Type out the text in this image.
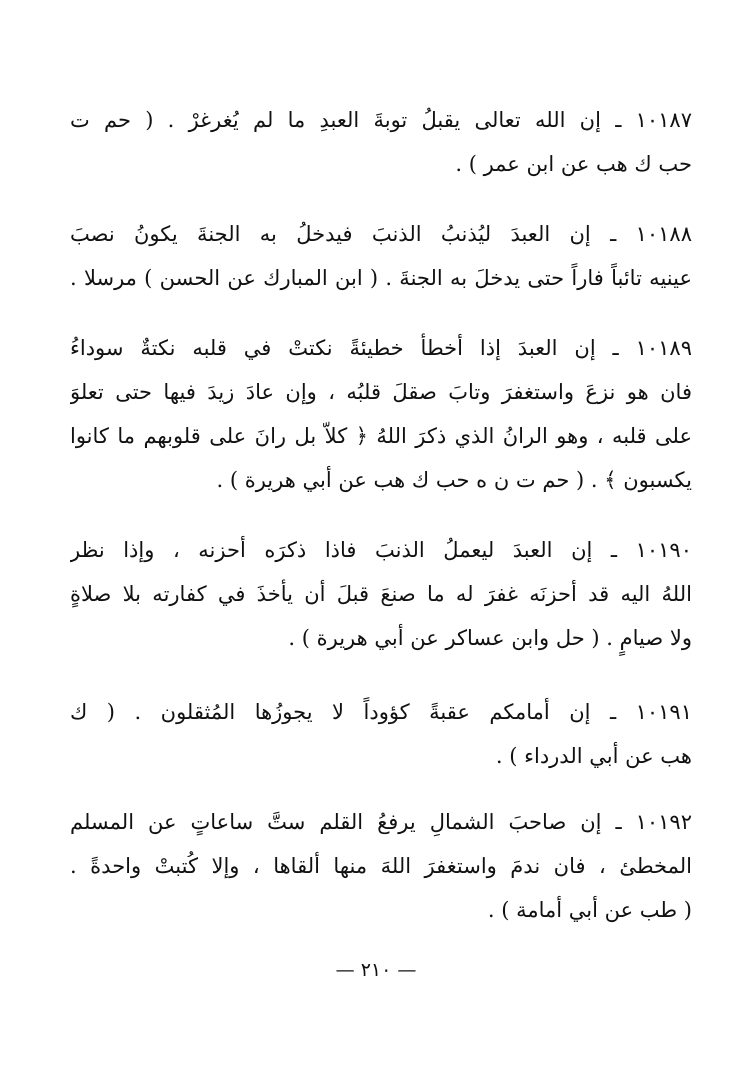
١٠١٨٧ ـ إن الله تعالى يقبلُ توبةَ العبدِ ما لم يُغرغرْ . ( حم ت
حب ك هب عن ابن عمر ) .
١٠١٨٨ ـ إن العبدَ ليُذنبُ الذنبَ فيدخلُ به الجنةَ يكونُ نصبَ
عينيه تائباً فاراً حتى يدخلَ به الجنةَ . ( ابن المبارك عن الحسن ) مرسلا .
١٠١٨٩ ـ إن العبدَ إذا أخطأ خطيئةً نكتتْ في قلبه نكتةٌ سوداءُ
فان هو نزعَ واستغفرَ وتابَ صقلَ قلبُه ، وإن عادَ زيدَ فيها حتى تعلوَ
على قلبه ، وهو الرانُ الذي ذكرَ اللهُ ﴿ كلاّ بل رانَ على قلوبهم ما كانوا
يكسبون ﴾ . ( حم ت ن ه حب ك هب عن أبي هريرة ) .
١٠١٩٠ ـ إن العبدَ ليعملُ الذنبَ فاذا ذكرَه أحزنه ، وإذا نظر
اللهُ اليه قد أحزنَه غفرَ له ما صنعَ قبلَ أن يأخذَ في كفارته بلا صلاةٍ
ولا صيامٍ . ( حل وابن عساكر عن أبي هريرة ) .
١٠١٩١ ـ إن أمامكم عقبةً كؤوداً لا يجوزُها المُثقلون . ( ك
هب عن أبي الدرداء ) .
١٠١٩٢ ـ إن صاحبَ الشمالِ يرفعُ القلم ستَّ ساعاتٍ عن المسلم
المخطئ ، فان ندمَ واستغفرَ اللهَ منها ألقاها ، وإلا كُتبتْ واحدةً .
( طب عن أبي أمامة ) .
— ٢١٠ —
